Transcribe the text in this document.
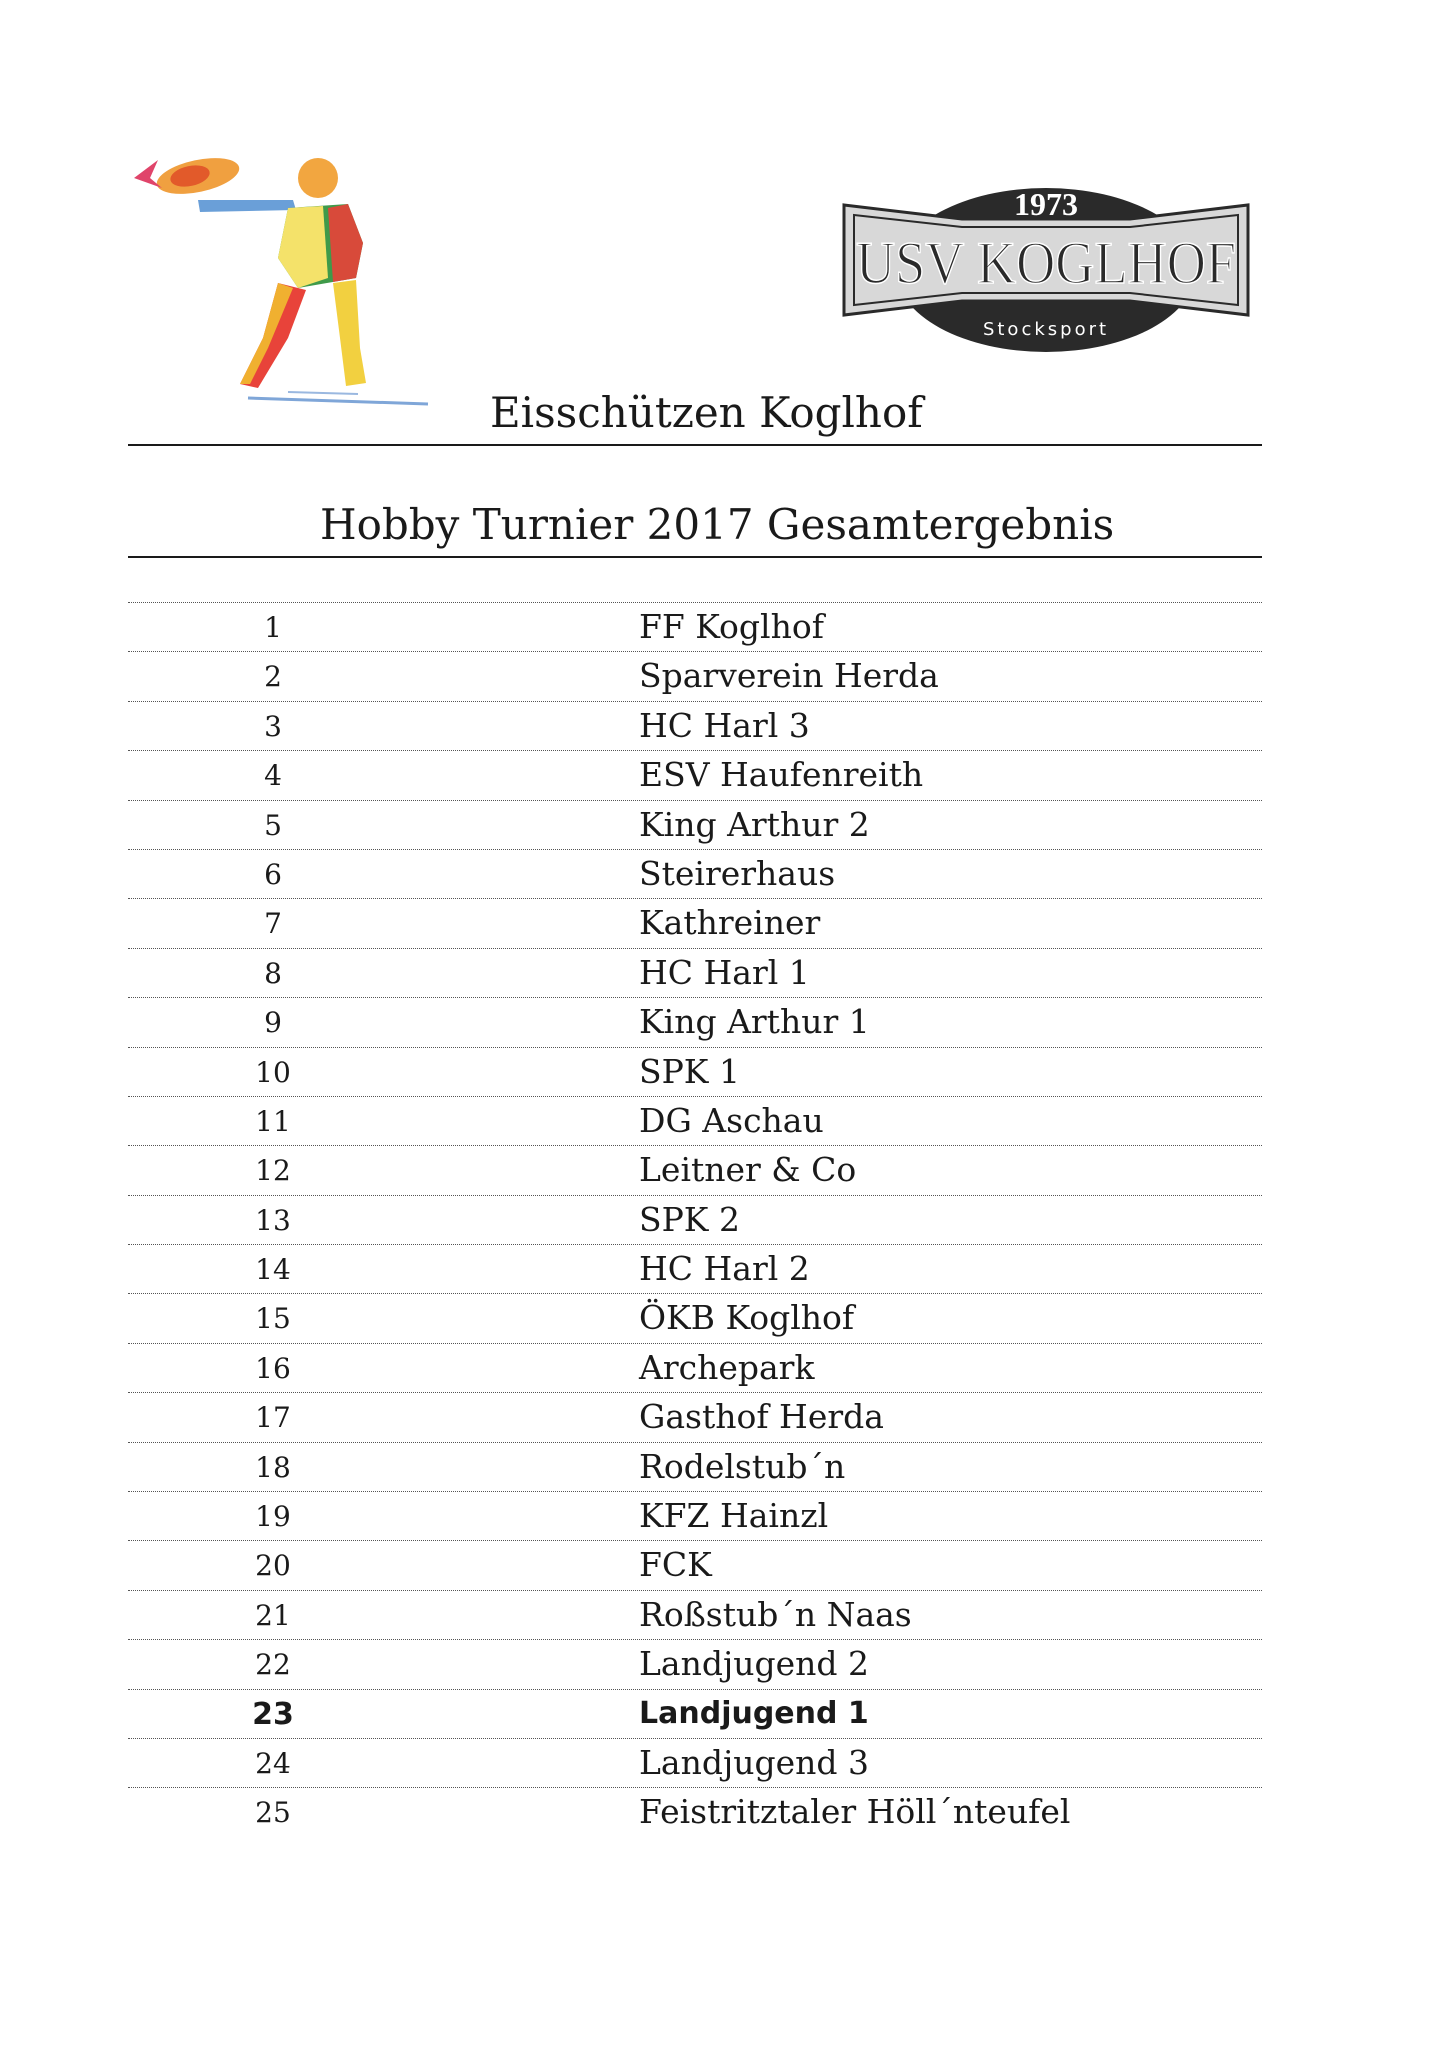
1973
USV KOGLHOF
Stocksport
Eisschützen Koglhof
Hobby Turnier 2017 Gesamtergebnis
1	FF Koglhof
2	Sparverein Herda
3	HC Harl 3
4	ESV Haufenreith
5	King Arthur 2
6	Steirerhaus
7	Kathreiner
8	HC Harl 1
9	King Arthur 1
10	SPK 1
11	DG Aschau
12	Leitner & Co
13	SPK 2
14	HC Harl 2
15	ÖKB Koglhof
16	Archepark
17	Gasthof Herda
18	Rodelstub´n
19	KFZ Hainzl
20	FCK
21	Roßstub´n Naas
22	Landjugend 2
23	Landjugend 1
24	Landjugend 3
25	Feistritztaler Höll´nteufel
